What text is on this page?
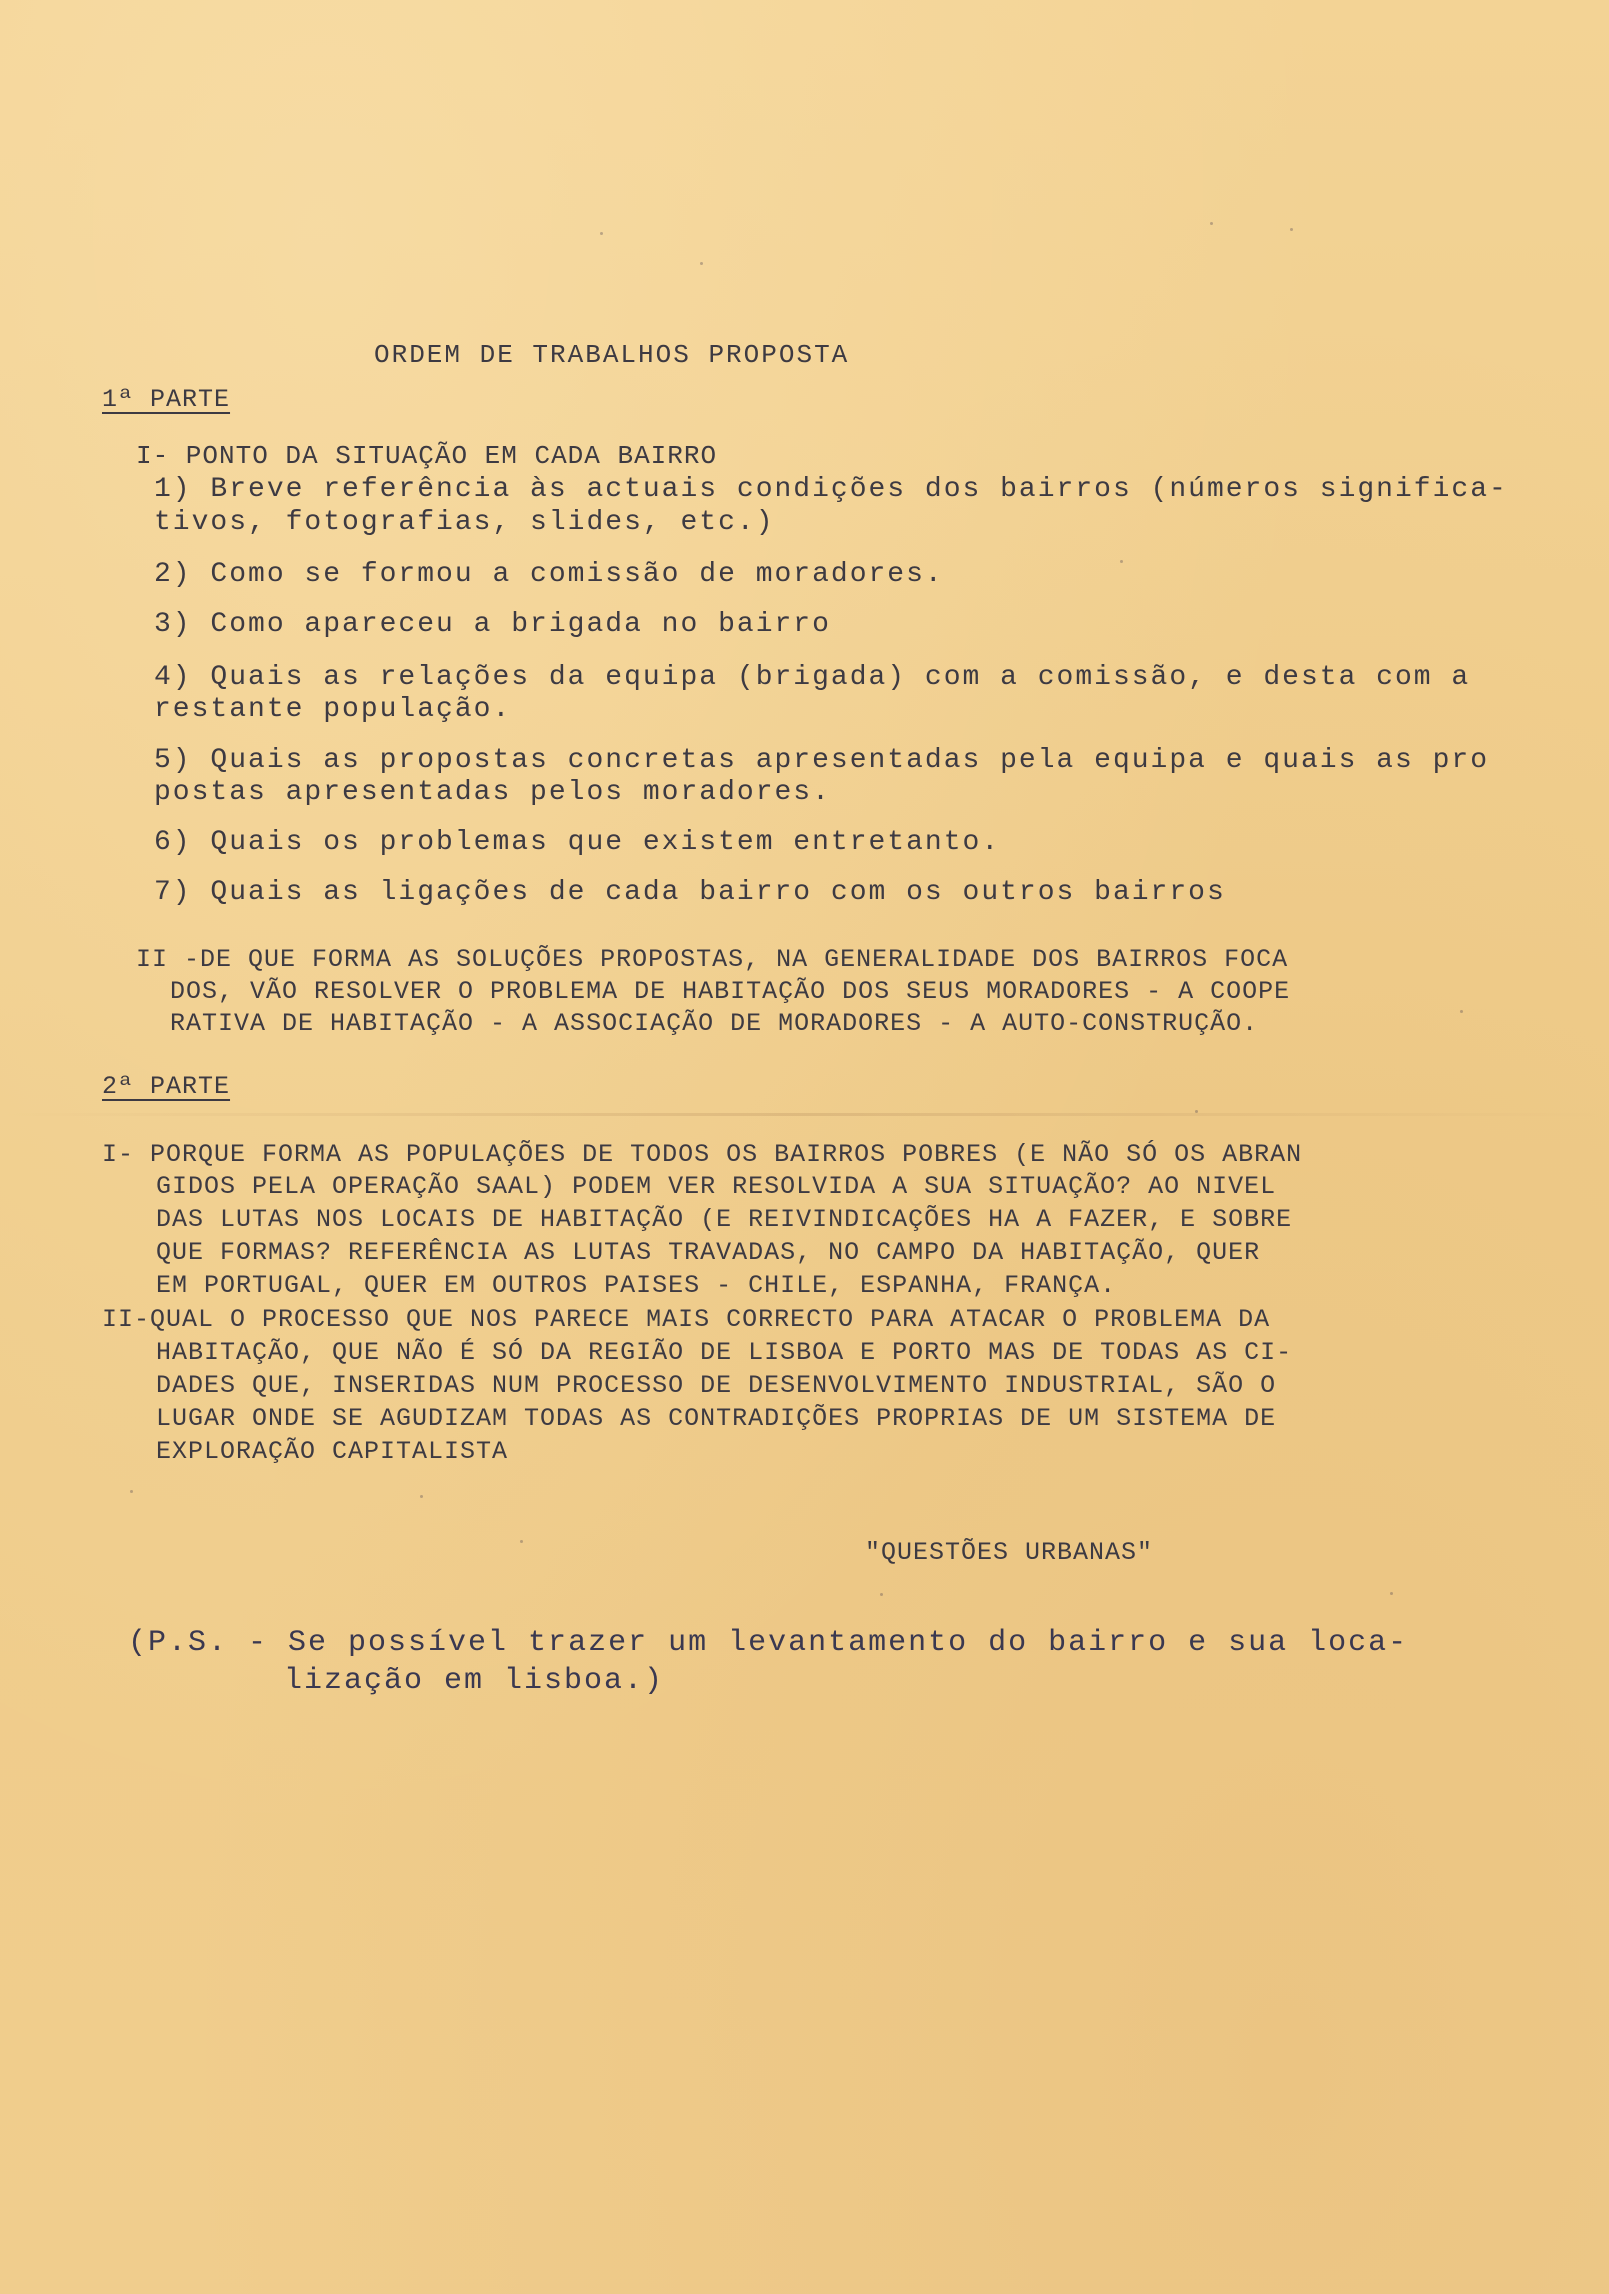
ORDEM DE TRABALHOS PROPOSTA
1ª PARTE
I- PONTO DA SITUAÇÃO EM CADA BAIRRO
1) Breve referência às actuais condições dos bairros (números significa-
tivos, fotografias, slides, etc.)
2) Como se formou a comissão de moradores.
3) Como apareceu a brigada no bairro
4) Quais as relações da equipa (brigada) com a comissão, e desta com a
restante população.
5) Quais as propostas concretas apresentadas pela equipa e quais as pro
postas apresentadas pelos moradores.
6) Quais os problemas que existem entretanto.
7) Quais as ligações de cada bairro com os outros bairros
II -DE QUE FORMA AS SOLUÇÕES PROPOSTAS, NA GENERALIDADE DOS BAIRROS FOCA
DOS, VÃO RESOLVER O PROBLEMA DE HABITAÇÃO DOS SEUS MORADORES - A COOPE
RATIVA DE HABITAÇÃO - A ASSOCIAÇÃO DE MORADORES - A AUTO-CONSTRUÇÃO.
2ª PARTE
I- PORQUE FORMA AS POPULAÇÕES DE TODOS OS BAIRROS POBRES (E NÃO SÓ OS ABRAN
GIDOS PELA OPERAÇÃO SAAL) PODEM VER RESOLVIDA A SUA SITUAÇÃO? AO NIVEL
DAS LUTAS NOS LOCAIS DE HABITAÇÃO (E REIVINDICAÇÕES HA A FAZER, E SOBRE
QUE FORMAS? REFERÊNCIA AS LUTAS TRAVADAS, NO CAMPO DA HABITAÇÃO, QUER
EM PORTUGAL, QUER EM OUTROS PAISES - CHILE, ESPANHA, FRANÇA.
II-QUAL O PROCESSO QUE NOS PARECE MAIS CORRECTO PARA ATACAR O PROBLEMA DA
HABITAÇÃO, QUE NÃO É SÓ DA REGIÃO DE LISBOA E PORTO MAS DE TODAS AS CI-
DADES QUE, INSERIDAS NUM PROCESSO DE DESENVOLVIMENTO INDUSTRIAL, SÃO O
LUGAR ONDE SE AGUDIZAM TODAS AS CONTRADIÇÕES PROPRIAS DE UM SISTEMA DE
EXPLORAÇÃO CAPITALISTA
"QUESTÕES URBANAS"
(P.S. - Se possível trazer um levantamento do bairro e sua loca-
lização em lisboa.)
